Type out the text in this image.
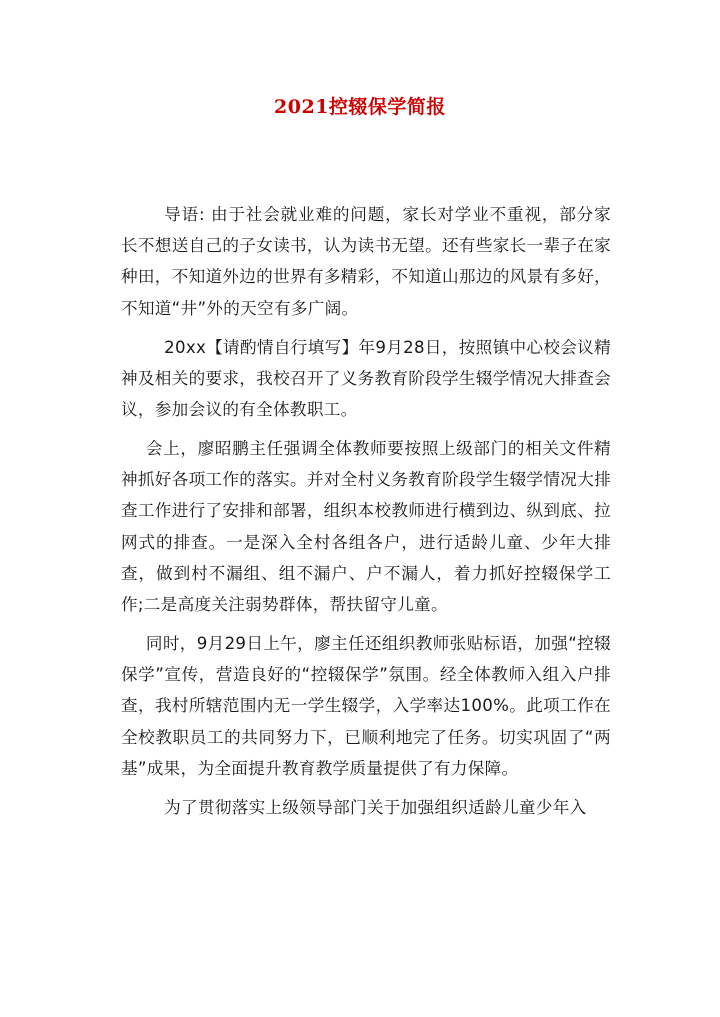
2021控辍保学简报

导语: 由于社会就业难的问题，家长对学业不重视，部分家长不想送自己的子女读书，认为读书无望。还有些家长一辈子在家种田，不知道外边的世界有多精彩，不知道山那边的风景有多好，不知道“井”外的天空有多广阔。

20xx【请酌情自行填写】年9月28日，按照镇中心校会议精神及相关的要求，我校召开了义务教育阶段学生辍学情况大排查会议，参加会议的有全体教职工。

会上，廖昭鹏主任强调全体教师要按照上级部门的相关文件精神抓好各项工作的落实。并对全村义务教育阶段学生辍学情况大排查工作进行了安排和部署，组织本校教师进行横到边、纵到底、拉网式的排查。一是深入全村各组各户，进行适龄儿童、少年大排查，做到村不漏组、组不漏户、户不漏人，着力抓好控辍保学工作;二是高度关注弱势群体，帮扶留守儿童。

同时，9月29日上午，廖主任还组织教师张贴标语，加强“控辍保学”宣传，营造良好的“控辍保学”氛围。经全体教师入组入户排查，我村所辖范围内无一学生辍学，入学率达100%。此项工作在全校教职员工的共同努力下，已顺利地完了任务。切实巩固了“两基”成果，为全面提升教育教学质量提供了有力保障。

为了贯彻落实上级领导部门关于加强组织适龄儿童少年入
